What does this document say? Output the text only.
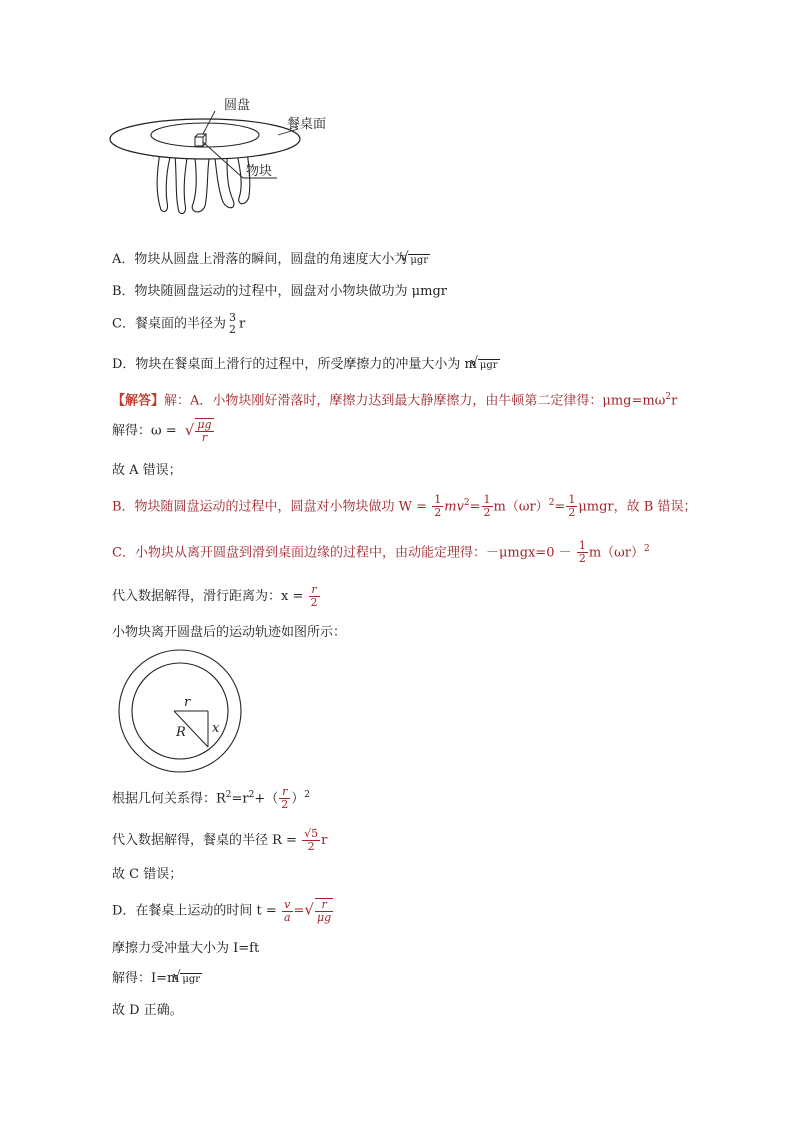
圆盘
餐桌面
物块
A．物块从圆盘上滑落的瞬间，圆盘的角速度大小为 √ μgr
B．物块随圆盘运动的过程中，圆盘对小物块做功为 μmgr
C．餐桌面的半径为 3
2 r
D．物块在餐桌面上滑行的过程中，所受摩擦力的冲量大小为 m √ μgr
【解答】解：A．小物块刚好滑落时，摩擦力达到最大静摩擦力，由牛顿第二定律得：$\mu mg=m\omega^2r$
解得：ω = √ $\frac{\mu g}{r}$
故 A 错误；
B．物块随圆盘运动的过程中，圆盘对小物块做功 $W = \frac{1}{2} mv^2= \frac{1}{2} m(\omega r)^2= \frac{1}{2}$ μmgr，故 B 错误；
C．小物块从离开圆盘到滑到桌面边缘的过程中，由动能定理得：$-\mu mgx=0 - \frac{1}{2} m(\omega r)^2$
代入数据解得，滑行距离为：$x = \frac{r}{2}$
小物块离开圆盘后的运动轨迹如图所示：
r
R x
根据几何关系得：$R^2=r^2+( \frac{r}{2} )^2$
代入数据解得，餐桌的半径 $R = \frac{√5}{2}$ r
故 C 错误；
D．在餐桌上运动的时间 $t = \frac{v}{a}$ =√ $\frac{r}{\mu g}$
摩擦力受冲量大小为 I=ft
解得：I=m √ μgr
故 D 正确。
